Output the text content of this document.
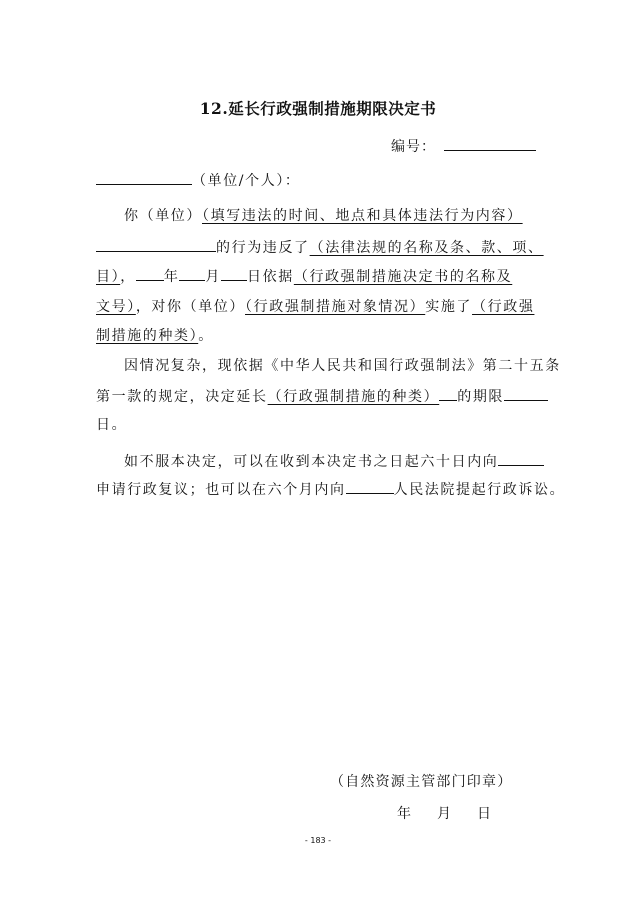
12.延长行政强制措施期限决定书
编号：
（单位/个人）：
你（单位）（填写违法的时间、地点和具体违法行为内容）
的行为违反了（法律法规的名称及条、款、项、
目）， 年 月 日依据（行政强制措施决定书的名称及
文号），对你（单位）（行政强制措施对象情况）实施了（行政强
制措施的种类）。
因情况复杂，现依据《中华人民共和国行政强制法》第二十五条
第一款的规定，决定延长（行政强制措施的种类） 的期限
日。
如不服本决定，可以在收到本决定书之日起六十日内向
申请行政复议；也可以在六个月内向	人民法院提起行政诉讼。
（自然资源主管部门印章）
年 月 日
- 183 -
